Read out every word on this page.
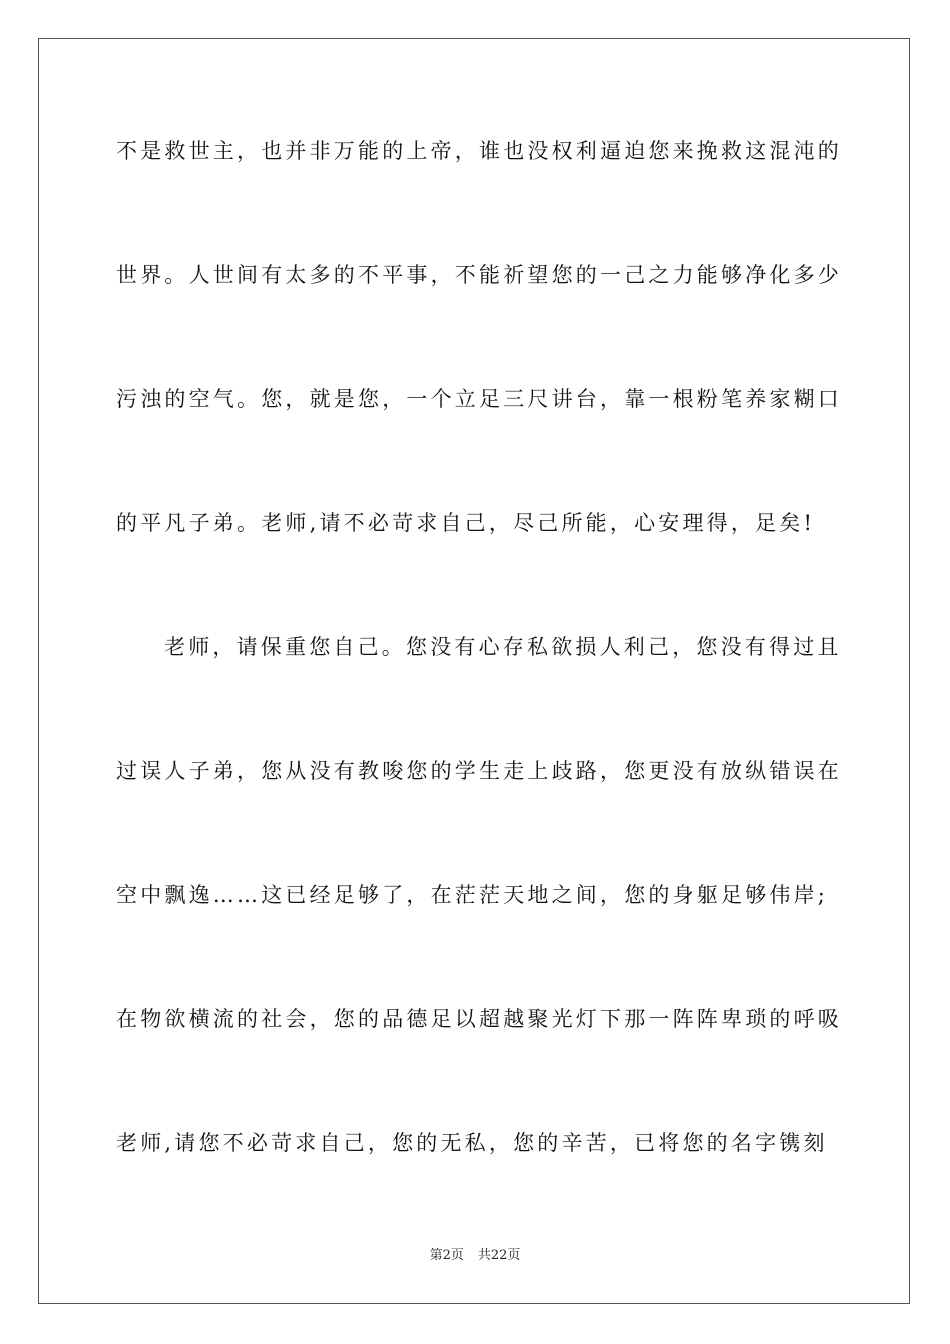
不是救世主，也并非万能的上帝，谁也没权利逼迫您来挽救这混沌的
世界。人世间有太多的不平事，不能祈望您的一己之力能够净化多少
污浊的空气。您，就是您，一个立足三尺讲台，靠一根粉笔养家糊口
的平凡子弟。老师,请不必苛求自己，尽己所能，心安理得，足矣!
老师，请保重您自己。您没有心存私欲损人利己，您没有得过且
过误人子弟，您从没有教唆您的学生走上歧路，您更没有放纵错误在
空中飘逸……这已经足够了，在茫茫天地之间，您的身躯足够伟岸;
在物欲横流的社会，您的品德足以超越聚光灯下那一阵阵卑琐的呼吸
老师,请您不必苛求自己，您的无私，您的辛苦，已将您的名字镌刻
第2页 共22页
